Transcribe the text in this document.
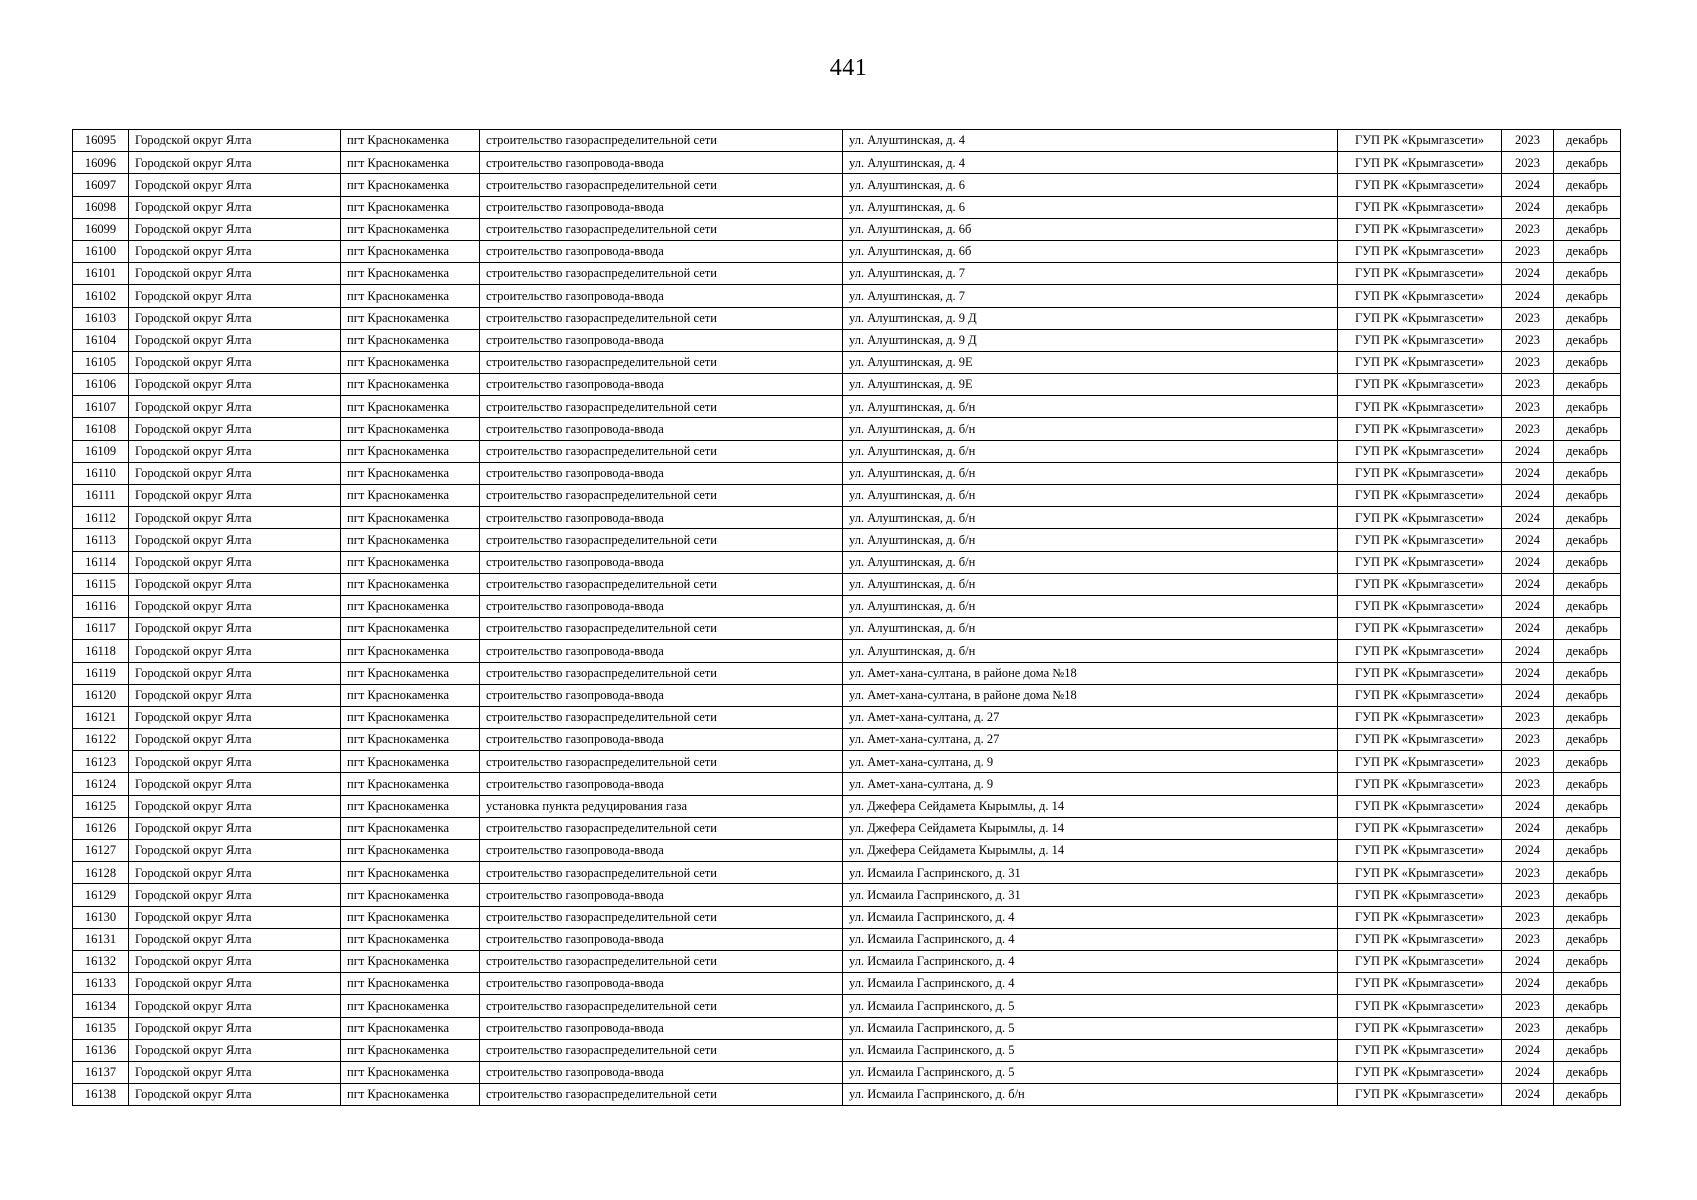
441
16095	Городской округ Ялта	пгт Краснокаменка	строительство газораспределительной сети	ул. Алуштинская, д. 4	ГУП РК «Крымгазсети»	2023	декабрь
16096	Городской округ Ялта	пгт Краснокаменка	строительство газопровода-ввода	ул. Алуштинская, д. 4	ГУП РК «Крымгазсети»	2023	декабрь
16097	Городской округ Ялта	пгт Краснокаменка	строительство газораспределительной сети	ул. Алуштинская, д. 6	ГУП РК «Крымгазсети»	2024	декабрь
16098	Городской округ Ялта	пгт Краснокаменка	строительство газопровода-ввода	ул. Алуштинская, д. 6	ГУП РК «Крымгазсети»	2024	декабрь
16099	Городской округ Ялта	пгт Краснокаменка	строительство газораспределительной сети	ул. Алуштинская, д. 6б	ГУП РК «Крымгазсети»	2023	декабрь
16100	Городской округ Ялта	пгт Краснокаменка	строительство газопровода-ввода	ул. Алуштинская, д. 6б	ГУП РК «Крымгазсети»	2023	декабрь
16101	Городской округ Ялта	пгт Краснокаменка	строительство газораспределительной сети	ул. Алуштинская, д. 7	ГУП РК «Крымгазсети»	2024	декабрь
16102	Городской округ Ялта	пгт Краснокаменка	строительство газопровода-ввода	ул. Алуштинская, д. 7	ГУП РК «Крымгазсети»	2024	декабрь
16103	Городской округ Ялта	пгт Краснокаменка	строительство газораспределительной сети	ул. Алуштинская, д. 9 Д	ГУП РК «Крымгазсети»	2023	декабрь
16104	Городской округ Ялта	пгт Краснокаменка	строительство газопровода-ввода	ул. Алуштинская, д. 9 Д	ГУП РК «Крымгазсети»	2023	декабрь
16105	Городской округ Ялта	пгт Краснокаменка	строительство газораспределительной сети	ул. Алуштинская, д. 9Е	ГУП РК «Крымгазсети»	2023	декабрь
16106	Городской округ Ялта	пгт Краснокаменка	строительство газопровода-ввода	ул. Алуштинская, д. 9Е	ГУП РК «Крымгазсети»	2023	декабрь
16107	Городской округ Ялта	пгт Краснокаменка	строительство газораспределительной сети	ул. Алуштинская, д. б/н	ГУП РК «Крымгазсети»	2023	декабрь
16108	Городской округ Ялта	пгт Краснокаменка	строительство газопровода-ввода	ул. Алуштинская, д. б/н	ГУП РК «Крымгазсети»	2023	декабрь
16109	Городской округ Ялта	пгт Краснокаменка	строительство газораспределительной сети	ул. Алуштинская, д. б/н	ГУП РК «Крымгазсети»	2024	декабрь
16110	Городской округ Ялта	пгт Краснокаменка	строительство газопровода-ввода	ул. Алуштинская, д. б/н	ГУП РК «Крымгазсети»	2024	декабрь
16111	Городской округ Ялта	пгт Краснокаменка	строительство газораспределительной сети	ул. Алуштинская, д. б/н	ГУП РК «Крымгазсети»	2024	декабрь
16112	Городской округ Ялта	пгт Краснокаменка	строительство газопровода-ввода	ул. Алуштинская, д. б/н	ГУП РК «Крымгазсети»	2024	декабрь
16113	Городской округ Ялта	пгт Краснокаменка	строительство газораспределительной сети	ул. Алуштинская, д. б/н	ГУП РК «Крымгазсети»	2024	декабрь
16114	Городской округ Ялта	пгт Краснокаменка	строительство газопровода-ввода	ул. Алуштинская, д. б/н	ГУП РК «Крымгазсети»	2024	декабрь
16115	Городской округ Ялта	пгт Краснокаменка	строительство газораспределительной сети	ул. Алуштинская, д. б/н	ГУП РК «Крымгазсети»	2024	декабрь
16116	Городской округ Ялта	пгт Краснокаменка	строительство газопровода-ввода	ул. Алуштинская, д. б/н	ГУП РК «Крымгазсети»	2024	декабрь
16117	Городской округ Ялта	пгт Краснокаменка	строительство газораспределительной сети	ул. Алуштинская, д. б/н	ГУП РК «Крымгазсети»	2024	декабрь
16118	Городской округ Ялта	пгт Краснокаменка	строительство газопровода-ввода	ул. Алуштинская, д. б/н	ГУП РК «Крымгазсети»	2024	декабрь
16119	Городской округ Ялта	пгт Краснокаменка	строительство газораспределительной сети	ул. Амет-хана-султана, в районе дома №18	ГУП РК «Крымгазсети»	2024	декабрь
16120	Городской округ Ялта	пгт Краснокаменка	строительство газопровода-ввода	ул. Амет-хана-султана, в районе дома №18	ГУП РК «Крымгазсети»	2024	декабрь
16121	Городской округ Ялта	пгт Краснокаменка	строительство газораспределительной сети	ул. Амет-хана-султана, д. 27	ГУП РК «Крымгазсети»	2023	декабрь
16122	Городской округ Ялта	пгт Краснокаменка	строительство газопровода-ввода	ул. Амет-хана-султана, д. 27	ГУП РК «Крымгазсети»	2023	декабрь
16123	Городской округ Ялта	пгт Краснокаменка	строительство газораспределительной сети	ул. Амет-хана-султана, д. 9	ГУП РК «Крымгазсети»	2023	декабрь
16124	Городской округ Ялта	пгт Краснокаменка	строительство газопровода-ввода	ул. Амет-хана-султана, д. 9	ГУП РК «Крымгазсети»	2023	декабрь
16125	Городской округ Ялта	пгт Краснокаменка	установка пункта редуцирования газа	ул. Джефера Сейдамета Кырымлы, д. 14	ГУП РК «Крымгазсети»	2024	декабрь
16126	Городской округ Ялта	пгт Краснокаменка	строительство газораспределительной сети	ул. Джефера Сейдамета Кырымлы, д. 14	ГУП РК «Крымгазсети»	2024	декабрь
16127	Городской округ Ялта	пгт Краснокаменка	строительство газопровода-ввода	ул. Джефера Сейдамета Кырымлы, д. 14	ГУП РК «Крымгазсети»	2024	декабрь
16128	Городской округ Ялта	пгт Краснокаменка	строительство газораспределительной сети	ул. Исмаила Гаспринского, д. 31	ГУП РК «Крымгазсети»	2023	декабрь
16129	Городской округ Ялта	пгт Краснокаменка	строительство газопровода-ввода	ул. Исмаила Гаспринского, д. 31	ГУП РК «Крымгазсети»	2023	декабрь
16130	Городской округ Ялта	пгт Краснокаменка	строительство газораспределительной сети	ул. Исмаила Гаспринского, д. 4	ГУП РК «Крымгазсети»	2023	декабрь
16131	Городской округ Ялта	пгт Краснокаменка	строительство газопровода-ввода	ул. Исмаила Гаспринского, д. 4	ГУП РК «Крымгазсети»	2023	декабрь
16132	Городской округ Ялта	пгт Краснокаменка	строительство газораспределительной сети	ул. Исмаила Гаспринского, д. 4	ГУП РК «Крымгазсети»	2024	декабрь
16133	Городской округ Ялта	пгт Краснокаменка	строительство газопровода-ввода	ул. Исмаила Гаспринского, д. 4	ГУП РК «Крымгазсети»	2024	декабрь
16134	Городской округ Ялта	пгт Краснокаменка	строительство газораспределительной сети	ул. Исмаила Гаспринского, д. 5	ГУП РК «Крымгазсети»	2023	декабрь
16135	Городской округ Ялта	пгт Краснокаменка	строительство газопровода-ввода	ул. Исмаила Гаспринского, д. 5	ГУП РК «Крымгазсети»	2023	декабрь
16136	Городской округ Ялта	пгт Краснокаменка	строительство газораспределительной сети	ул. Исмаила Гаспринского, д. 5	ГУП РК «Крымгазсети»	2024	декабрь
16137	Городской округ Ялта	пгт Краснокаменка	строительство газопровода-ввода	ул. Исмаила Гаспринского, д. 5	ГУП РК «Крымгазсети»	2024	декабрь
16138	Городской округ Ялта	пгт Краснокаменка	строительство газораспределительной сети	ул. Исмаила Гаспринского, д. б/н	ГУП РК «Крымгазсети»	2024	декабрь
